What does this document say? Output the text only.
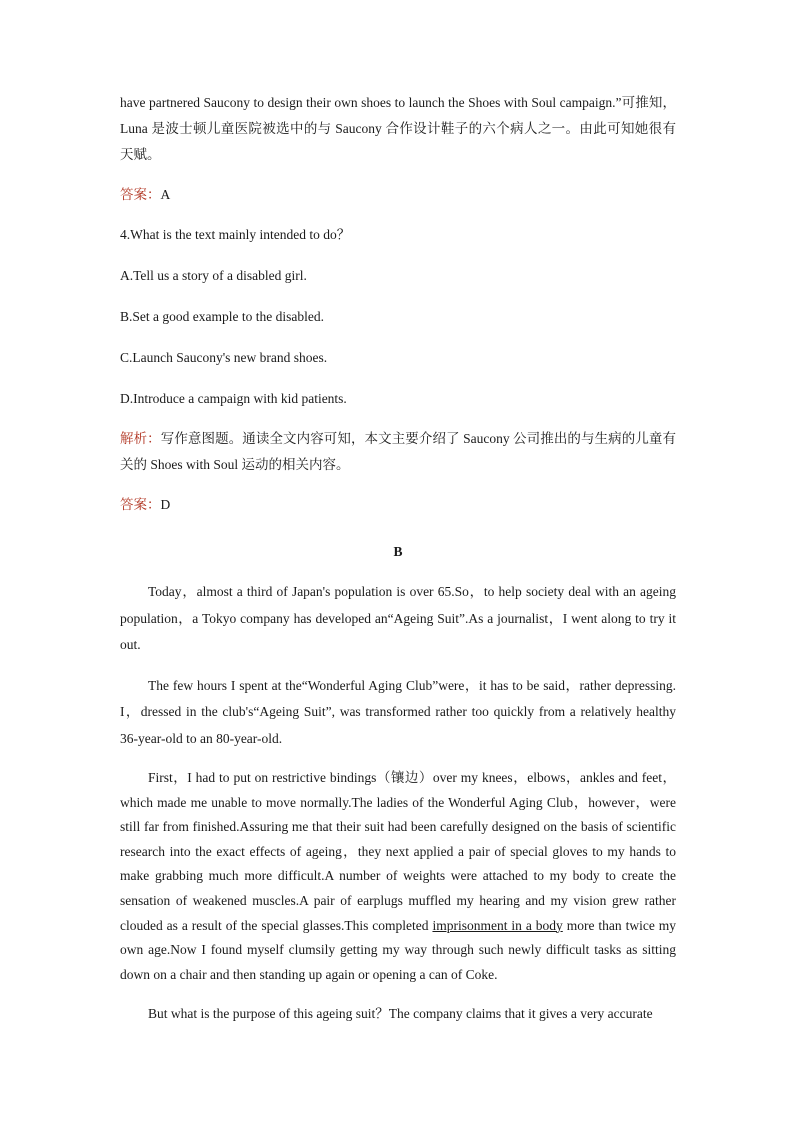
have partnered Saucony to design their own shoes to launch the Shoes with Soul campaign.”可推知，Luna 是波士顿儿童医院被选中的与 Saucony 合作设计鞋子的六个病人之一。由此可知她很有天赋。

答案：A

4.What is the text mainly intended to do？

A.Tell us a story of a disabled girl.

B.Set a good example to the disabled.

C.Launch Saucony's new brand shoes.

D.Introduce a campaign with kid patients.

解析：写作意图题。通读全文内容可知，本文主要介绍了 Saucony 公司推出的与生病的儿童有关的 Shoes with Soul 运动的相关内容。

答案：D

B

Today，almost a third of Japan's population is over 65.So，to help society deal with an ageing population，a Tokyo company has developed an“Ageing Suit”.As a journalist，I went along to try it out.

The few hours I spent at the“Wonderful Aging Club”were，it has to be said，rather depressing. I，dressed in the club's“Ageing Suit”, was transformed rather too quickly from a relatively healthy 36-year-old to an 80-year-old.

First，I had to put on restrictive bindings（镶边）over my knees，elbows，ankles and feet，which made me unable to move normally.The ladies of the Wonderful Aging Club，however，were still far from finished.Assuring me that their suit had been carefully designed on the basis of scientific research into the exact effects of ageing，they next applied a pair of special gloves to my hands to make grabbing much more difficult.A number of weights were attached to my body to create the sensation of weakened muscles.A pair of earplugs muffled my hearing and my vision grew rather clouded as a result of the special glasses.This completed imprisonment in a body more than twice my own age.Now I found myself clumsily getting my way through such newly difficult tasks as sitting down on a chair and then standing up again or opening a can of Coke.

But what is the purpose of this ageing suit？The company claims that it gives a very accurate
